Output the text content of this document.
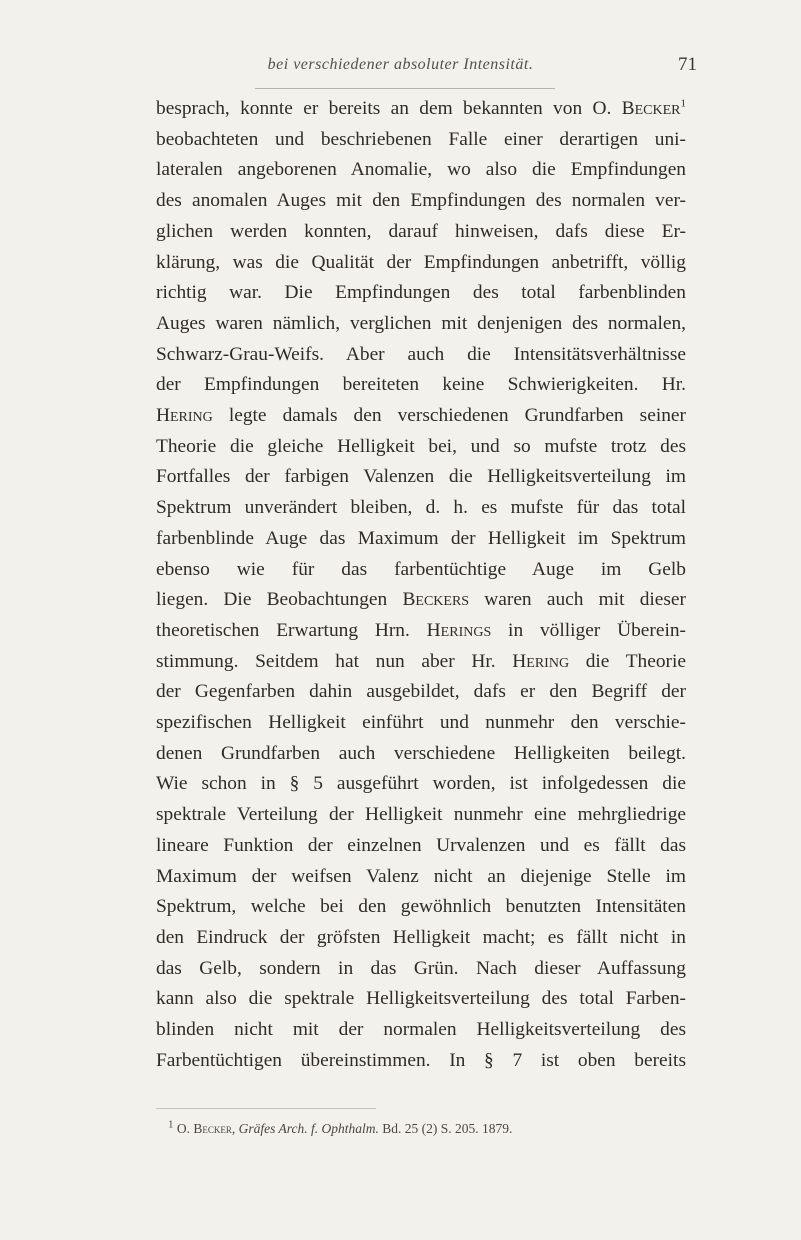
bei verschiedener absoluter Intensität.	71
besprach, konnte er bereits an dem bekannten von O. Becker$^1$
beobachteten und beschriebenen Falle einer derartigen uni-
lateralen angeborenen Anomalie, wo also die Empfindungen
des anomalen Auges mit den Empfindungen des normalen ver-
glichen werden konnten, darauf hinweisen, dafs diese Er-
klärung, was die Qualität der Empfindungen anbetrifft, völlig
richtig war. Die Empfindungen des total farbenblinden
Auges waren nämlich, verglichen mit denjenigen des normalen,
Schwarz-Grau-Weifs. Aber auch die Intensitätsverhältnisse
der Empfindungen bereiteten keine Schwierigkeiten. Hr.
Hering legte damals den verschiedenen Grundfarben seiner
Theorie die gleiche Helligkeit bei, und so mufste trotz des
Fortfalles der farbigen Valenzen die Helligkeitsverteilung im
Spektrum unverändert bleiben, d. h. es mufste für das total
farbenblinde Auge das Maximum der Helligkeit im Spektrum
ebenso wie für das farbentüchtige Auge im Gelb
liegen. Die Beobachtungen Beckers waren auch mit dieser
theoretischen Erwartung Hrn. Herings in völliger Überein-
stimmung. Seitdem hat nun aber Hr. Hering die Theorie
der Gegenfarben dahin ausgebildet, dafs er den Begriff der
spezifischen Helligkeit einführt und nunmehr den verschie-
denen Grundfarben auch verschiedene Helligkeiten beilegt.
Wie schon in § 5 ausgeführt worden, ist infolgedessen die
spektrale Verteilung der Helligkeit nunmehr eine mehrgliedrige
lineare Funktion der einzelnen Urvalenzen und es fällt das
Maximum der weifsen Valenz nicht an diejenige Stelle im
Spektrum, welche bei den gewöhnlich benutzten Intensitäten
den Eindruck der gröfsten Helligkeit macht; es fällt nicht in
das Gelb, sondern in das Grün. Nach dieser Auffassung
kann also die spektrale Helligkeitsverteilung des total Farben-
blinden nicht mit der normalen Helligkeitsverteilung des
Farbentüchtigen übereinstimmen. In § 7 ist oben bereits
$^1$ O. Becker, Gräfes Arch. f. Ophthalm. Bd. 25 (2) S. 205. 1879.
